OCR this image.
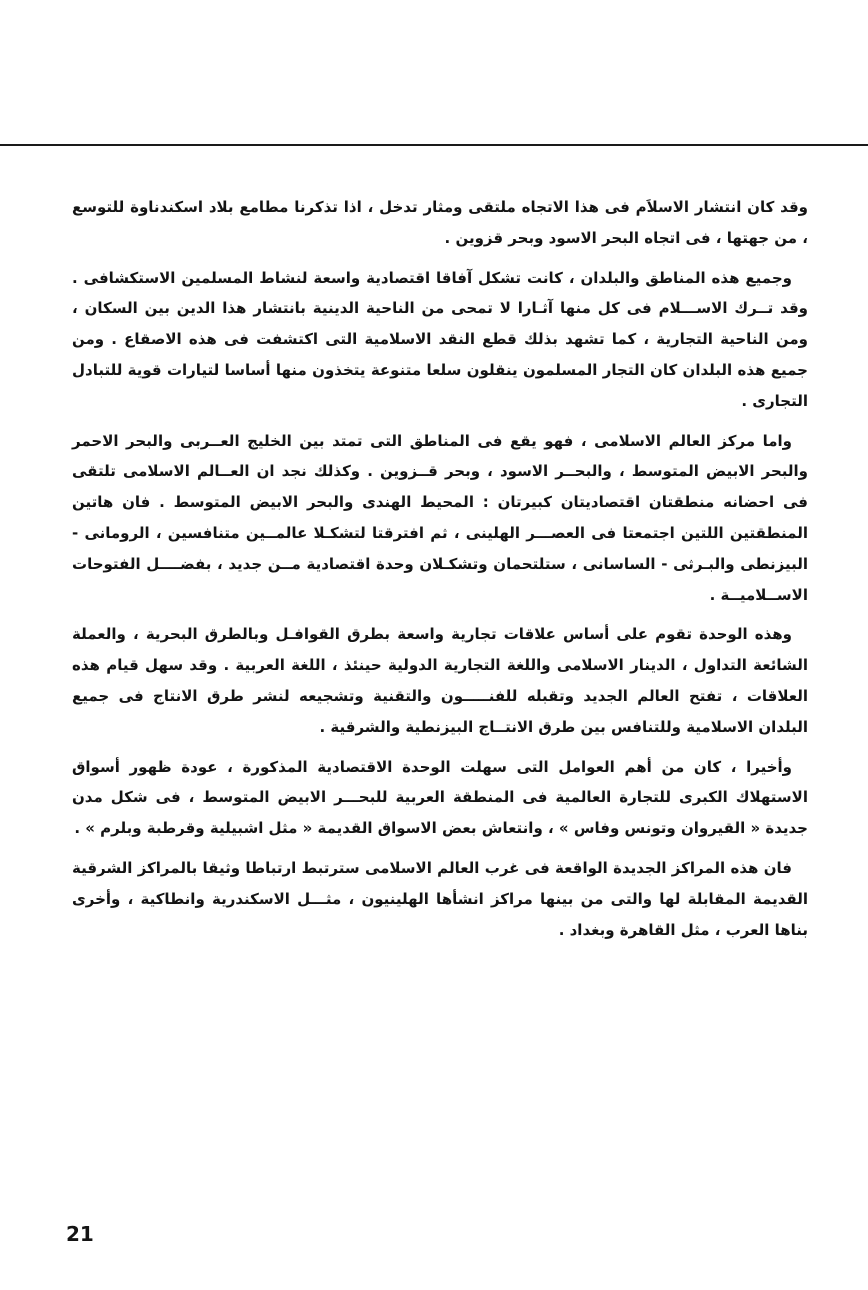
وقد كان انتشار الاسلاَم فى هذا الاتجاه ملتقى ومثار تدخل ، اذا تذكرنا مطامع بلاد اسكندناوة للتوسع ، من جهتها ، فى اتجاه البحر الاسود وبحر قزوين .

وجميع هذه المناطق والبلدان ، كانت تشكل آفاقا اقتصادية واسعة لنشاط المسلمين الاستكشافى . وقد تــرك الاســـلام فى كل منها آثـارا لا تمحى من الناحية الدينية بانتشار هذا الدين بين السكان ، ومن الناحية التجارية ، كما تشهد بذلك قطع النقد الاسلامية التى اكتشفت فى هذه الاصقاع . ومن جميع هذه البلدان كان التجار المسلمون ينقلون سلعا متنوعة يتخذون منها أساسا لتيارات قوية للتبادل التجارى .

واما مركز العالم الاسلامى ، فهو يقع فى المناطق التى تمتد بين الخليج العــربى والبحر الاحمر والبحر الابيض المتوسط ، والبحــر الاسود ، وبحر قــزوين . وكذلك نجد ان العــالم الاسلامى تلتقى فى احضانه منطقتان اقتصاديتان كبيرتان : المحيط الهندى والبحر الابيض المتوسط . فان هاتين المنطقتين اللتين اجتمعتا فى العصـــر الهلينى ، ثم افترقتا لتشكـلا عالمــين متنافسين ، الرومانى - البيزنطى والبـرثى - الساسانى ، ستلتحمان وتشكـلان وحدة اقتصادية مــن جديد ، بفضــــل الفتوحات الاســلاميــة .

وهذه الوحدة تقوم على أساس علاقات تجارية واسعة بطرق القوافـل وبالطرق البحرية ، والعملة الشائعة التداول ، الدينار الاسلامى واللغة التجارية الدولية حينئذ ، اللغة العربية . وقد سهل قيام هذه العلاقات ، تفتح العالم الجديد وتقبله للفنـــــون والتقنية وتشجيعه لنشر طرق الانتاج فى جميع البلدان الاسلامية وللتنافس بين طرق الانتــاج البيزنطية والشرقية .

وأخيرا ، كان من أهم العوامل التى سهلت الوحدة الاقتصادية المذكورة ، عودة ظهور أسواق الاستهلاك الكبرى للتجارة العالمية فى المنطقة العربية للبحـــر الابيض المتوسط ، فى شكل مدن جديدة « القيروان وتونس وفاس » ، وانتعاش بعض الاسواق القديمة « مثل اشبيلية وقرطبة وبلرم » .

فان هذه المراكز الجديدة الواقعة فى غرب العالم الاسلامى سترتبط ارتباطا وثيقا بالمراكز الشرقية القديمة المقابلة لها والتى من بينها مراكز انشأها الهلينيون ، مثـــل الاسكندرية وانطاكية ، وأخرى بناها العرب ، مثل القاهرة وبغداد .

21
